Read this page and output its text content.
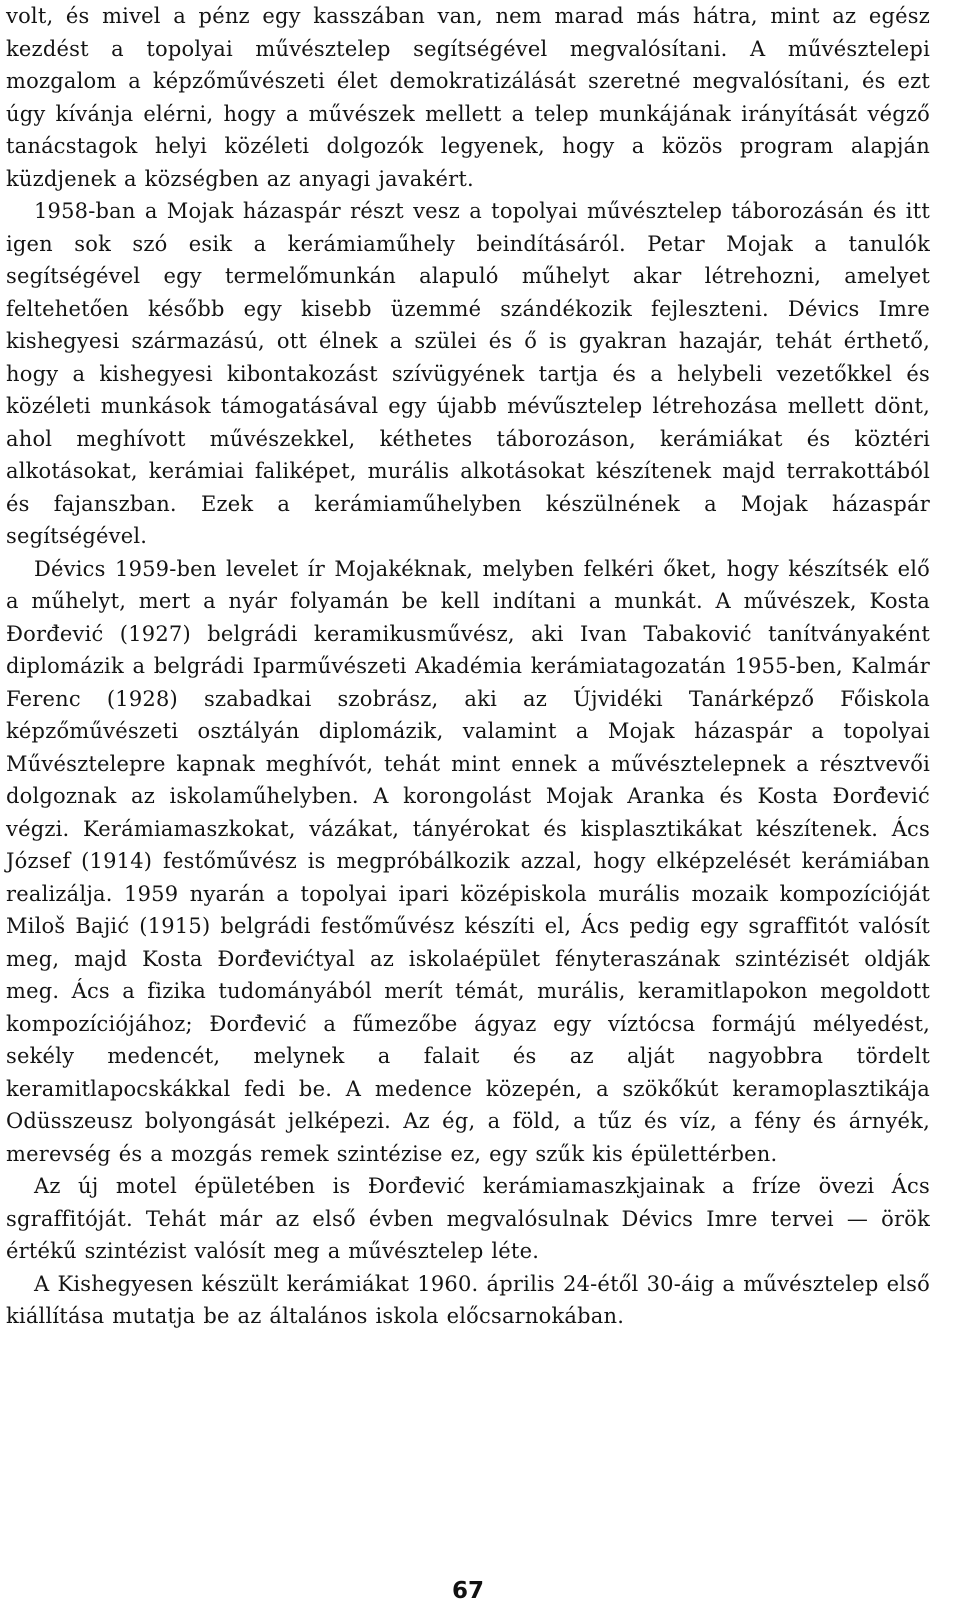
volt, és mivel a pénz egy kasszában van, nem marad más hátra, mint az egész kezdést a topolyai művésztelep segítségével megvalósítani. A művésztelepi mozgalom a képzőművészeti élet demokratizálását szeretné megvalósítani, és ezt úgy kívánja elérni, hogy a művészek mellett a telep munkájának irányítását végző tanácstagok helyi közéleti dolgozók legyenek, hogy a közös program alapján küzdjenek a községben az anyagi javakért.

1958-ban a Mojak házaspár részt vesz a topolyai művésztelep táborozásán és itt igen sok szó esik a kerámiaműhely beindításáról. Petar Mojak a tanulók segítségével egy termelőmunkán alapuló műhelyt akar létrehozni, amelyet feltehetően később egy kisebb üzemmé szándékozik fejleszteni. Dévics Imre kishegyesi származású, ott élnek a szülei és ő is gyakran hazajár, tehát érthető, hogy a kishegyesi kibontakozást szívügyének tartja és a helybeli vezetőkkel és közéleti munkások támogatásával egy újabb mévűsztelep létrehozása mellett dönt, ahol meghívott művészekkel, kéthetes táborozáson, kerámiákat és köztéri alkotásokat, kerámiai faliképet, murális alkotásokat készítenek majd terrakottából és fajanszban. Ezek a kerámiaműhelyben készülnének a Mojak házaspár segítségével.

Dévics 1959-ben levelet ír Mojakéknak, melyben felkéri őket, hogy készítsék elő a műhelyt, mert a nyár folyamán be kell indítani a munkát. A művészek, Kosta Đorđević (1927) belgrádi keramikusművész, aki Ivan Tabaković tanítványaként diplomázik a belgrádi Iparművészeti Akadémia kerámiatagozatán 1955-ben, Kalmár Ferenc (1928) szabadkai szobrász, aki az Újvidéki Tanárképző Főiskola képzőművészeti osztályán diplomázik, valamint a Mojak házaspár a topolyai Művésztelepre kapnak meghívót, tehát mint ennek a művésztelepnek a résztvevői dolgoznak az iskolaműhelyben. A korongolást Mojak Aranka és Kosta Đorđević végzi. Kerámiamaszkokat, vázákat, tányérokat és kisplasztikákat készítenek. Ács József (1914) festőművész is megpróbálkozik azzal, hogy elképzelését kerámiában realizálja. 1959 nyarán a topolyai ipari középiskola murális mozaik kompozícióját Miloš Bajić (1915) belgrádi festőművész készíti el, Ács pedig egy sgraffitót valósít meg, majd Kosta Đorđevićtyal az iskolaépület fényteraszának szintézisét oldják meg. Ács a fizika tudományából merít témát, murális, keramitlapokon megoldott kompozíciójához; Đorđević a fűmezőbe ágyaz egy víztócsa formájú mélyedést, sekély medencét, melynek a falait és az alját nagyobbra tördelt keramitlapocskákkal fedi be. A medence közepén, a szökőkút keramoplasztikája Odüsszeusz bolyongását jelképezi. Az ég, a föld, a tűz és víz, a fény és árnyék, merevség és a mozgás remek szintézise ez, egy szűk kis épülettérben.

Az új motel épületében is Đorđević kerámiamaszkjainak a fríze övezi Ács sgraffitóját. Tehát már az első évben megvalósulnak Dévics Imre tervei — örök értékű szintézist valósít meg a művésztelep léte.

A Kishegyesen készült kerámiákat 1960. április 24-étől 30-áig a művésztelep első kiállítása mutatja be az általános iskola előcsarnokában.

67
